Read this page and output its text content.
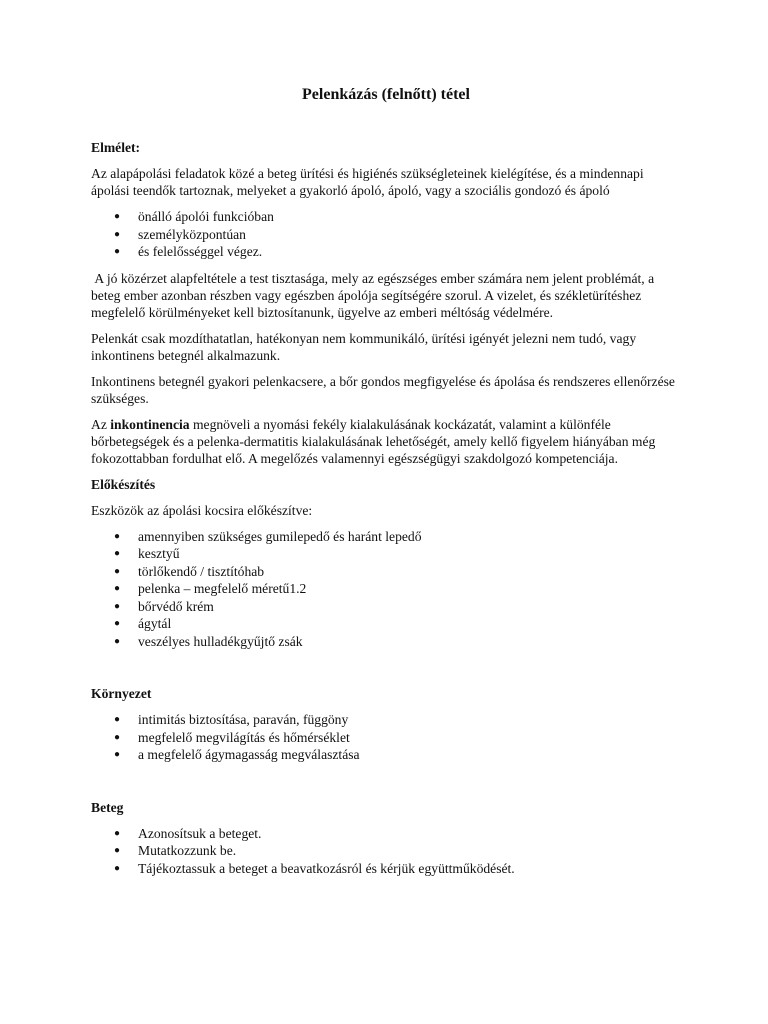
Pelenkázás (felnőtt) tétel
Elmélet:

Az alapápolási feladatok közé a beteg ürítési és higiénés szükségleteinek kielégítése, és a mindennapi ápolási teendők tartoznak, melyeket a gyakorló ápoló, ápoló, vagy a szociális gondozó és ápoló

● önálló ápolói funkcióban
● személyközpontúan
● és felelősséggel végez.

A jó közérzet alapfeltétele a test tisztasága, mely az egészséges ember számára nem jelent problémát, a beteg ember azonban részben vagy egészben ápolója segítségére szorul. A vizelet, és székletürítéshez megfelelő körülményeket kell biztosítanunk, ügyelve az emberi méltóság védelmére.

Pelenkát csak mozdíthatatlan, hatékonyan nem kommunikáló, ürítési igényét jelezni nem tudó, vagy inkontinens betegnél alkalmazunk.

Inkontinens betegnél gyakori pelenkacsere, a bőr gondos megfigyelése és ápolása és rendszeres ellenőrzése szükséges.

Az inkontinencia megnöveli a nyomási fekély kialakulásának kockázatát, valamint a különféle bőrbetegségek és a pelenka-dermatitis kialakulásának lehetőségét, amely kellő figyelem hiányában még fokozottabban fordulhat elő. A megelőzés valamennyi egészségügyi szakdolgozó kompetenciája.

Előkészítés

Eszközök az ápolási kocsira előkészítve:

● amennyiben szükséges gumilepedő és haránt lepedő
● kesztyű
● törlőkendő / tisztítóhab
● pelenka – megfelelő méretű1.2
● bőrvédő krém
● ágytál
● veszélyes hulladékgyűjtő zsák
Környezet
● intimitás biztosítása, paraván, függöny
● megfelelő megvilágítás és hőmérséklet
● a megfelelő ágymagasság megválasztása
Beteg
● Azonosítsuk a beteget.
● Mutatkozzunk be.
● Tájékoztassuk a beteget a beavatkozásról és kérjük együttműködését.
